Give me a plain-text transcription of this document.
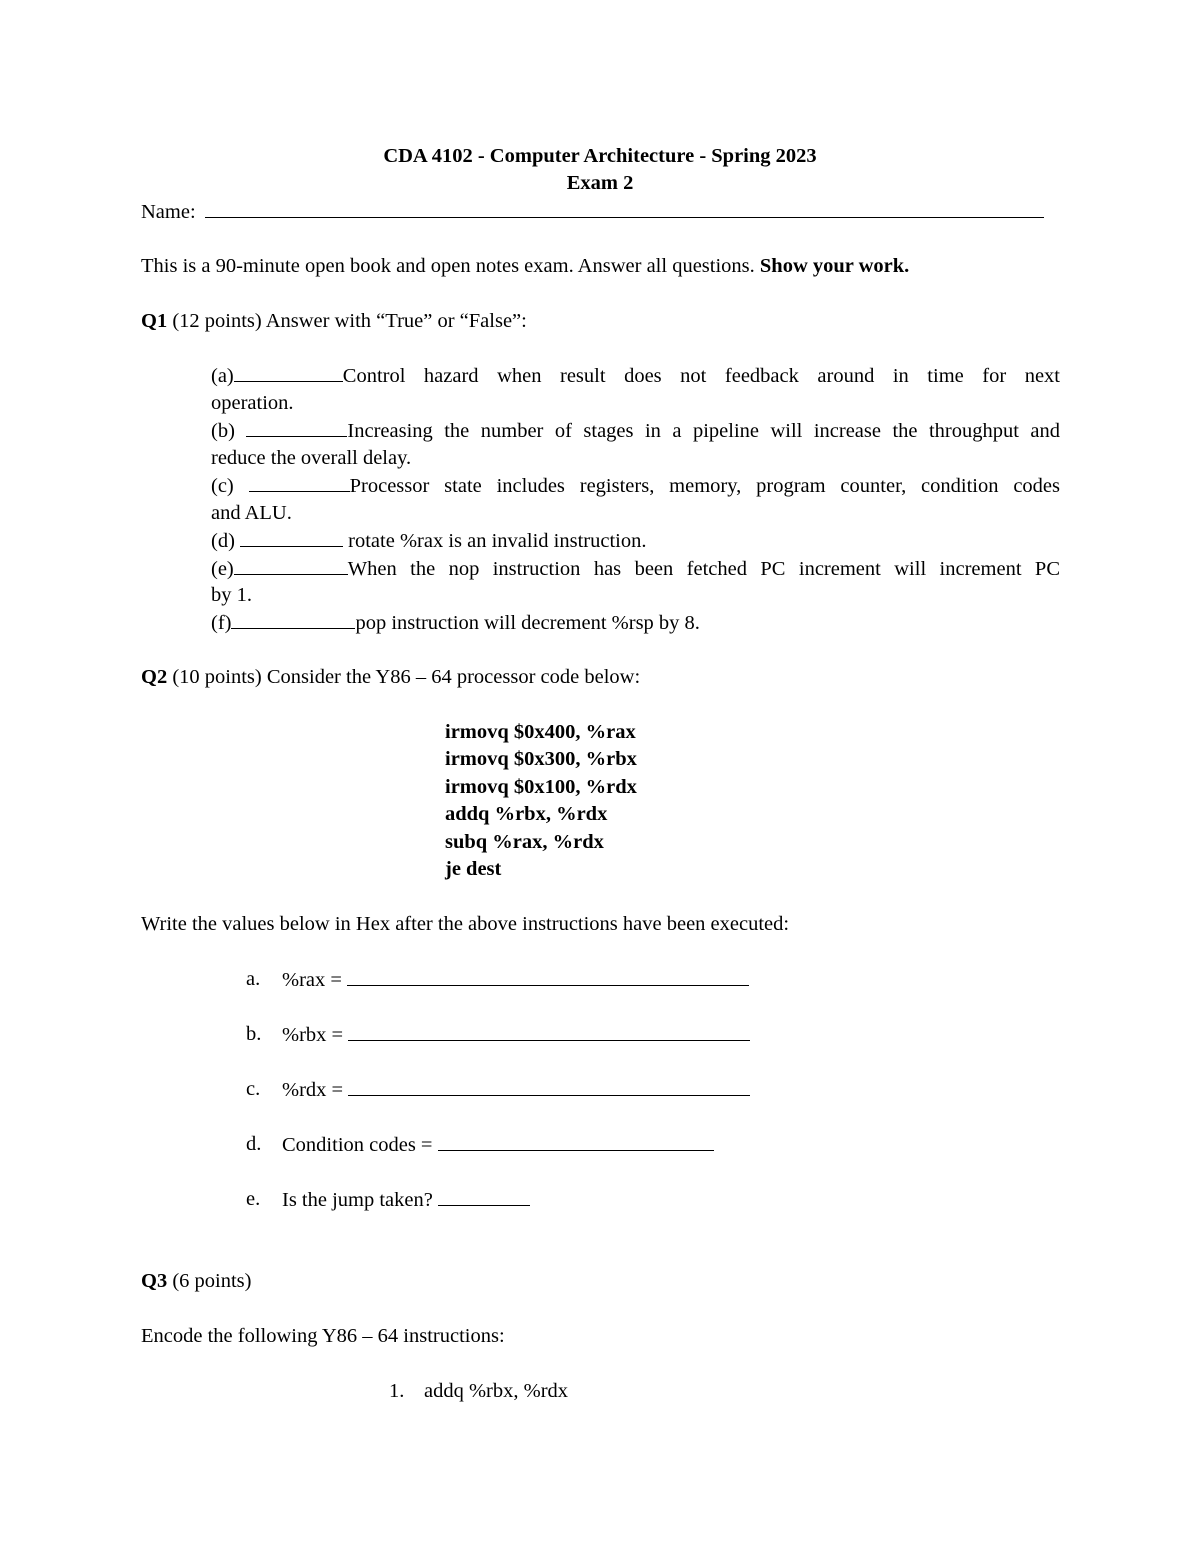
CDA 4102 - Computer Architecture - Spring 2023
Exam 2
Name:
This is a 90-minute open book and open notes exam. Answer all questions. Show your work.
Q1 (12 points) Answer with “True” or “False”:
(a)	Control hazard when result does not feedback around in time for next
operation.
(b)	Increasing the number of stages in a pipeline will increase the throughput and
reduce the overall delay.
(c)	Processor state includes registers, memory, program counter, condition codes
and ALU.
(d)	rotate %rax is an invalid instruction.
(e)	When the nop instruction has been fetched PC increment will increment PC
by 1.
(f)	pop instruction will decrement %rsp by 8.
Q2 (10 points) Consider the Y86 – 64 processor code below:
irmovq $0x400, %rax
irmovq $0x300, %rbx
irmovq $0x100, %rdx
addq %rbx, %rdx
subq %rax, %rdx
je dest
Write the values below in Hex after the above instructions have been executed:
a. %rax =
b. %rbx =
c. %rdx =
d. Condition codes =
e. Is the jump taken?
Q3 (6 points)
Encode the following Y86 – 64 instructions:
1. addq %rbx, %rdx
